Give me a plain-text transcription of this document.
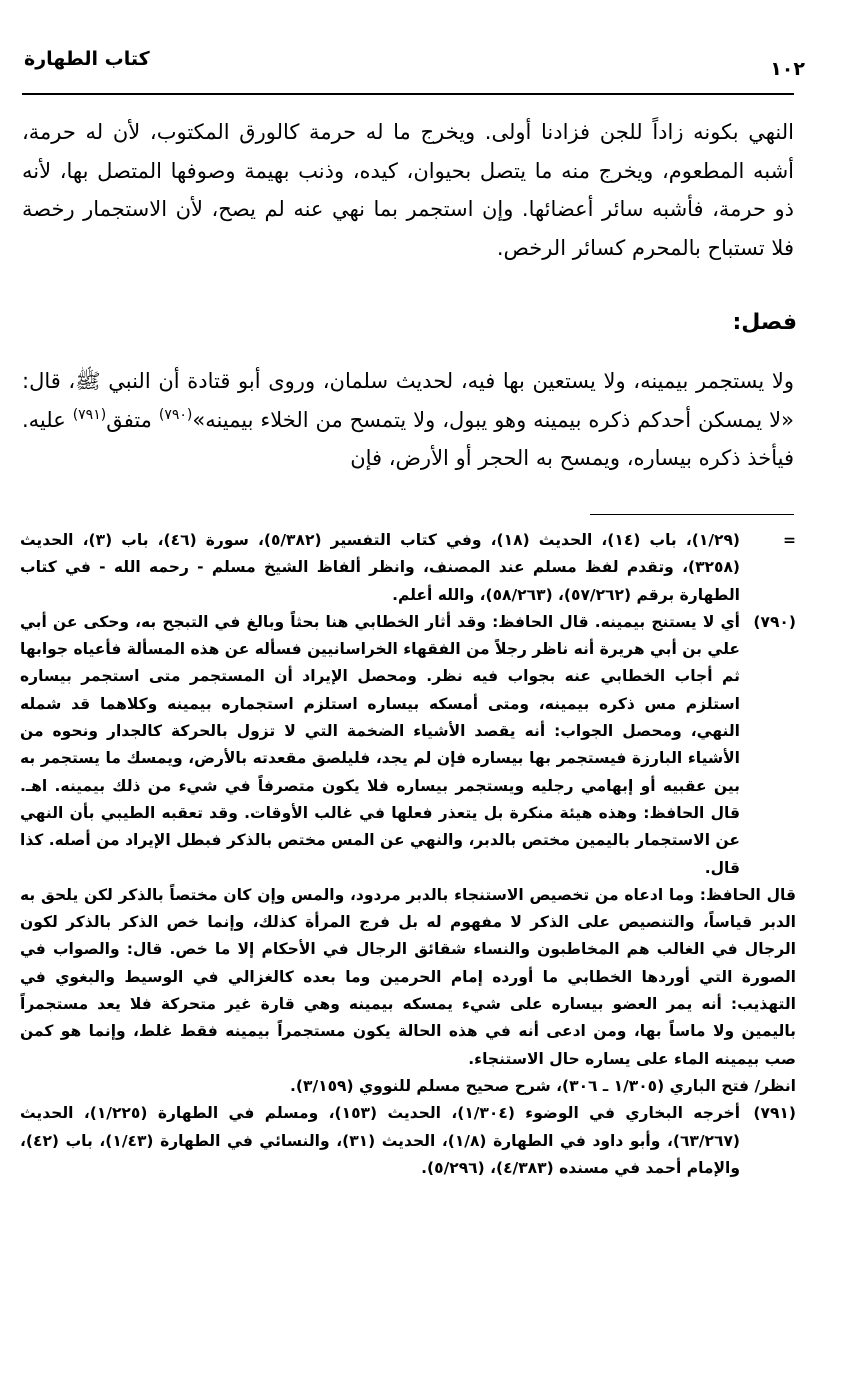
كتاب الطهارة	١٠٢

النهي بكونه زاداً للجن فزادنا أولى. ويخرج ما له حرمة كالورق المكتوب، لأن له حرمة، أشبه المطعوم، ويخرج منه ما يتصل بحيوان، كيده، وذنب بهيمة وصوفها المتصل بها، لأنه ذو حرمة، فأشبه سائر أعضائها. وإن استجمر بما نهي عنه لم يصح، لأن الاستجمار رخصة فلا تستباح بالمحرم كسائر الرخص.

فصل:

ولا يستجمر بيمينه، ولا يستعين بها فيه، لحديث سلمان، وروى أبو قتادة أن النبي ﷺ، قال: «لا يمسكن أحدكم ذكره بيمينه وهو يبول، ولا يتمسح من الخلاء بيمينه»$^{(٧٩٠)}$ متفق$^{(٧٩١)}$ عليه. فيأخذ ذكره بيساره، ويمسح به الحجر أو الأرض، فإن

=
(١/٢٩)، باب (١٤)، الحديث (١٨)، وفي كتاب التفسير (٥/٣٨٢)، سورة (٤٦)، باب (٣)، الحديث (٣٢٥٨)، وتقدم لفظ مسلم عند المصنف، وانظر ألفاظ الشيخ مسلم - رحمه الله - في كتاب الطهارة برقم (٥٧/٢٦٢)، (٥٨/٢٦٣)، والله أعلم.
(٧٩٠)
أي لا يستنج بيمينه. قال الحافظ: وقد أثار الخطابي هنا بحثاً وبالغ في التبجح به، وحكى عن أبي علي بن أبي هريرة أنه ناظر رجلاً من الفقهاء الخراسانيين فسأله عن هذه المسألة فأعياه جوابها ثم أجاب الخطابي عنه بجواب فيه نظر. ومحصل الإيراد أن المستجمر متى استجمر بيساره استلزم مس ذكره بيمينه، ومتى أمسكه بيساره استلزم استجماره بيمينه وكلاهما قد شمله النهي، ومحصل الجواب: أنه يقصد الأشياء الضخمة التي لا تزول بالحركة كالجدار ونحوه من الأشياء البارزة فيستجمر بها بيساره فإن لم يجد، فليلصق مقعدته بالأرض، ويمسك ما يستجمر به بين عقبيه أو إبهامي رجليه ويستجمر بيساره فلا يكون متصرفاً في شيء من ذلك بيمينه. اهـ. قال الحافظ: وهذه هيئة منكرة بل يتعذر فعلها في غالب الأوقات. وقد تعقبه الطيبي بأن النهي عن الاستجمار باليمين مختص بالدبر، والنهي عن المس مختص بالذكر فبطل الإيراد من أصله. كذا قال.
قال الحافظ: وما ادعاه من تخصيص الاستنجاء بالدبر مردود، والمس وإن كان مختصاً بالذكر لكن يلحق به الدبر قياساً، والتنصيص على الذكر لا مفهوم له بل فرج المرأة كذلك، وإنما خص الذكر بالذكر لكون الرجال في الغالب هم المخاطبون والنساء شقائق الرجال في الأحكام إلا ما خص. قال: والصواب في الصورة التي أوردها الخطابي ما أورده إمام الحرمين وما بعده كالغزالي في الوسيط والبغوي في التهذيب: أنه يمر العضو بيساره على شيء يمسكه بيمينه وهي قارة غير متحركة فلا يعد مستجمراً باليمين ولا ماساً بها، ومن ادعى أنه في هذه الحالة يكون مستجمراً بيمينه فقط غلط، وإنما هو كمن صب بيمينه الماء على يساره حال الاستنجاء.
انظر/ فتح الباري (١/٣٠٥ ـ ٣٠٦)، شرح صحيح مسلم للنووي (٣/١٥٩).
(٧٩١)
أخرجه البخاري في الوضوء (١/٣٠٤)، الحديث (١٥٣)، ومسلم في الطهارة (١/٢٢٥)، الحديث (٦٣/٢٦٧)، وأبو داود في الطهارة (١/٨)، الحديث (٣١)، والنسائي في الطهارة (١/٤٣)، باب (٤٢)، والإمام أحمد في مسنده (٤/٣٨٣)، (٥/٢٩٦).
